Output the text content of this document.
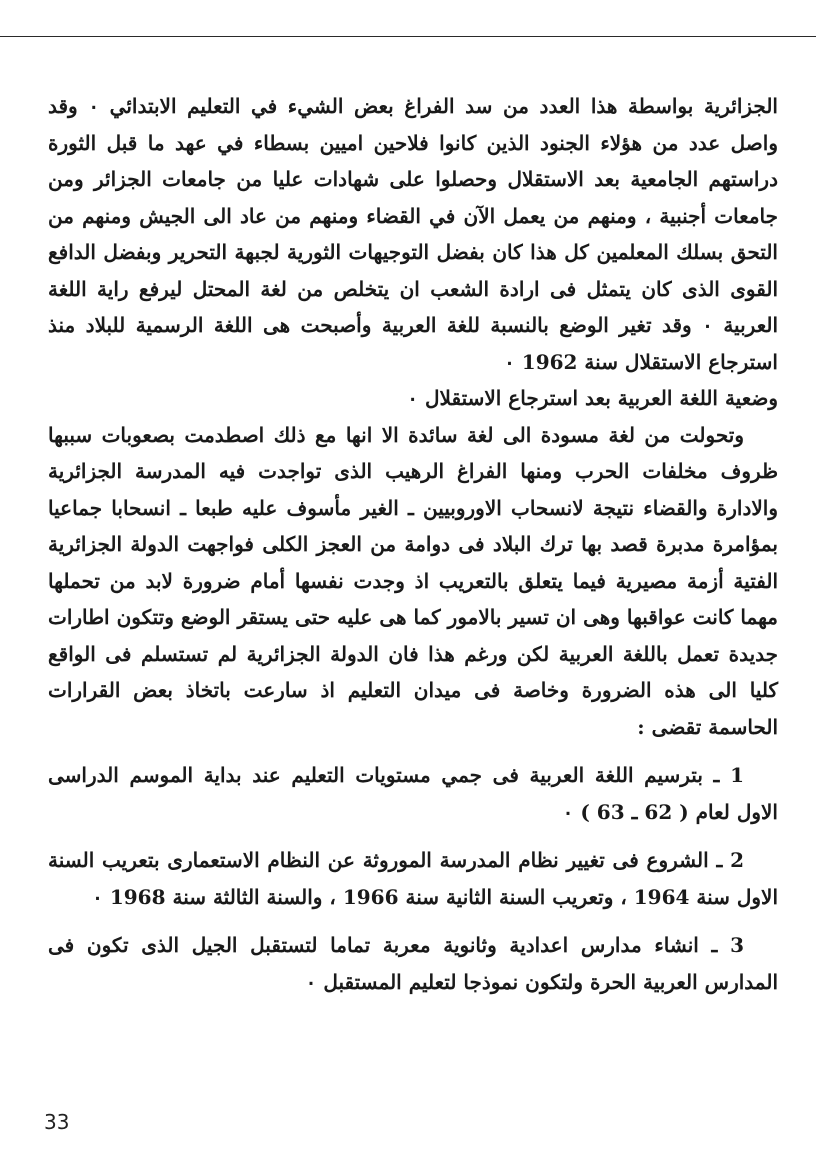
الجزائرية بواسطة هذا العدد من سد الفراغ بعض الشيء في التعليم الابتدائي ٠ وقد واصل عدد من هؤلاء الجنود الذين كانوا فلاحين اميين بسطاء في عهد ما قبل الثورة دراستهم الجامعية بعد الاستقلال وحصلوا على شهادات عليا من جامعات الجزائر ومن جامعات أجنبية ، ومنهم من يعمل الآن في القضاء ومنهم من عاد الى الجيش ومنهم من التحق بسلك المعلمين كل هذا كان بفضل التوجيهات الثورية لجبهة التحرير وبفضل الدافع القوى الذى كان يتمثل فى ارادة الشعب ان يتخلص من لغة المحتل ليرفع راية اللغة العربية ٠ وقد تغير الوضع بالنسبة للغة العربية وأصبحت هى اللغة الرسمية للبلاد منذ استرجاع الاستقلال سنة 1962 ٠

وضعية اللغة العربية بعد استرجاع الاستقلال ٠

وتحولت من لغة مسودة الى لغة سائدة الا انها مع ذلك اصطدمت بصعوبات سببها ظروف مخلفات الحرب ومنها الفراغ الرهيب الذى تواجدت فيه المدرسة الجزائرية والادارة والقضاء نتيجة لانسحاب الاوروبيين ـ الغير مأسوف عليه طبعا ـ انسحابا جماعيا بمؤامرة مدبرة قصد بها ترك البلاد فى دوامة من العجز الكلى فواجهت الدولة الجزائرية الفتية أزمة مصيرية فيما يتعلق بالتعريب اذ وجدت نفسها أمام ضرورة لابد من تحملها مهما كانت عواقبها وهى ان تسير بالامور كما هى عليه حتى يستقر الوضع وتتكون اطارات جديدة تعمل باللغة العربية لكن ورغم هذا فان الدولة الجزائرية لم تستسلم فى الواقع كليا الى هذه الضرورة وخاصة فى ميدان التعليم اذ سارعت باتخاذ بعض القرارات الحاسمة تقضى :

1 ـ بترسيم اللغة العربية فى جمي مستويات التعليم عند بداية الموسم الدراسى الاول لعام ( 62 ـ 63 ) ٠

2 ـ الشروع فى تغيير نظام المدرسة الموروثة عن النظام الاستعمارى بتعريب السنة الاول سنة 1964 ، وتعريب السنة الثانية سنة 1966 ، والسنة الثالثة سنة 1968 ٠

3 ـ انشاء مدارس اعدادية وثانوية معربة تماما لتستقبل الجيل الذى تكون فى المدارس العربية الحرة ولتكون نموذجا لتعليم المستقبل ٠

33
